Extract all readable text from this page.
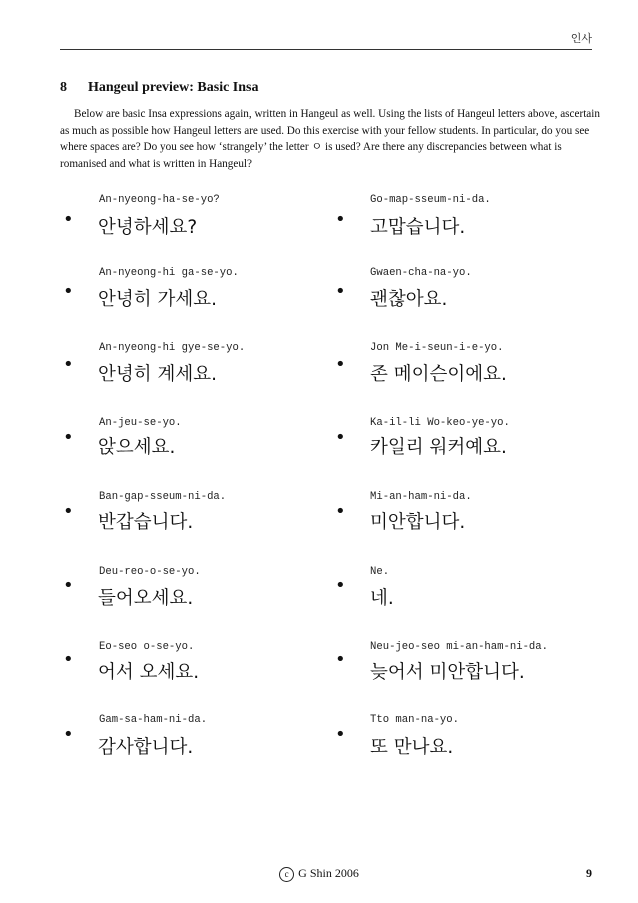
인사
8 Hangeul preview: Basic Insa

Below are basic Insa expressions again, written in Hangeul as well. Using the lists of Hangeul letters above, ascertain as much as possible how Hangeul letters are used. Do this exercise with your fellow students. In particular, do you see where spaces are? Do you see how ‘strangely’ the letter ㅇ is used? Are there any discrepancies between what is romanised and what is written in Hangeul?

•
An-nyeong-ha-se-yo?
안녕하세요?
•
An-nyeong-hi ga-se-yo.
안녕히 가세요.
•
An-nyeong-hi gye-se-yo.
안녕히 계세요.
•
An-jeu-se-yo.
앉으세요.
•
Ban-gap-sseum-ni-da.
반갑습니다.
•
Deu-reo-o-se-yo.
들어오세요.
•
Eo-seo o-se-yo.
어서 오세요.
•
Gam-sa-ham-ni-da.
감사합니다.
•
Go-map-sseum-ni-da.
고맙습니다.
•
Gwaen-cha-na-yo.
괜찮아요.
•
Jon Me-i-seun-i-e-yo.
존 메이슨이에요.
•
Ka-il-li Wo-keo-ye-yo.
카일리 워커예요.
•
Mi-an-ham-ni-da.
미안합니다.
•
Ne.
네.
•
Neu-jeo-seo mi-an-ham-ni-da.
늦어서 미안합니다.
•
Tto man-na-yo.
또 만나요.
c G Shin 2006	9
